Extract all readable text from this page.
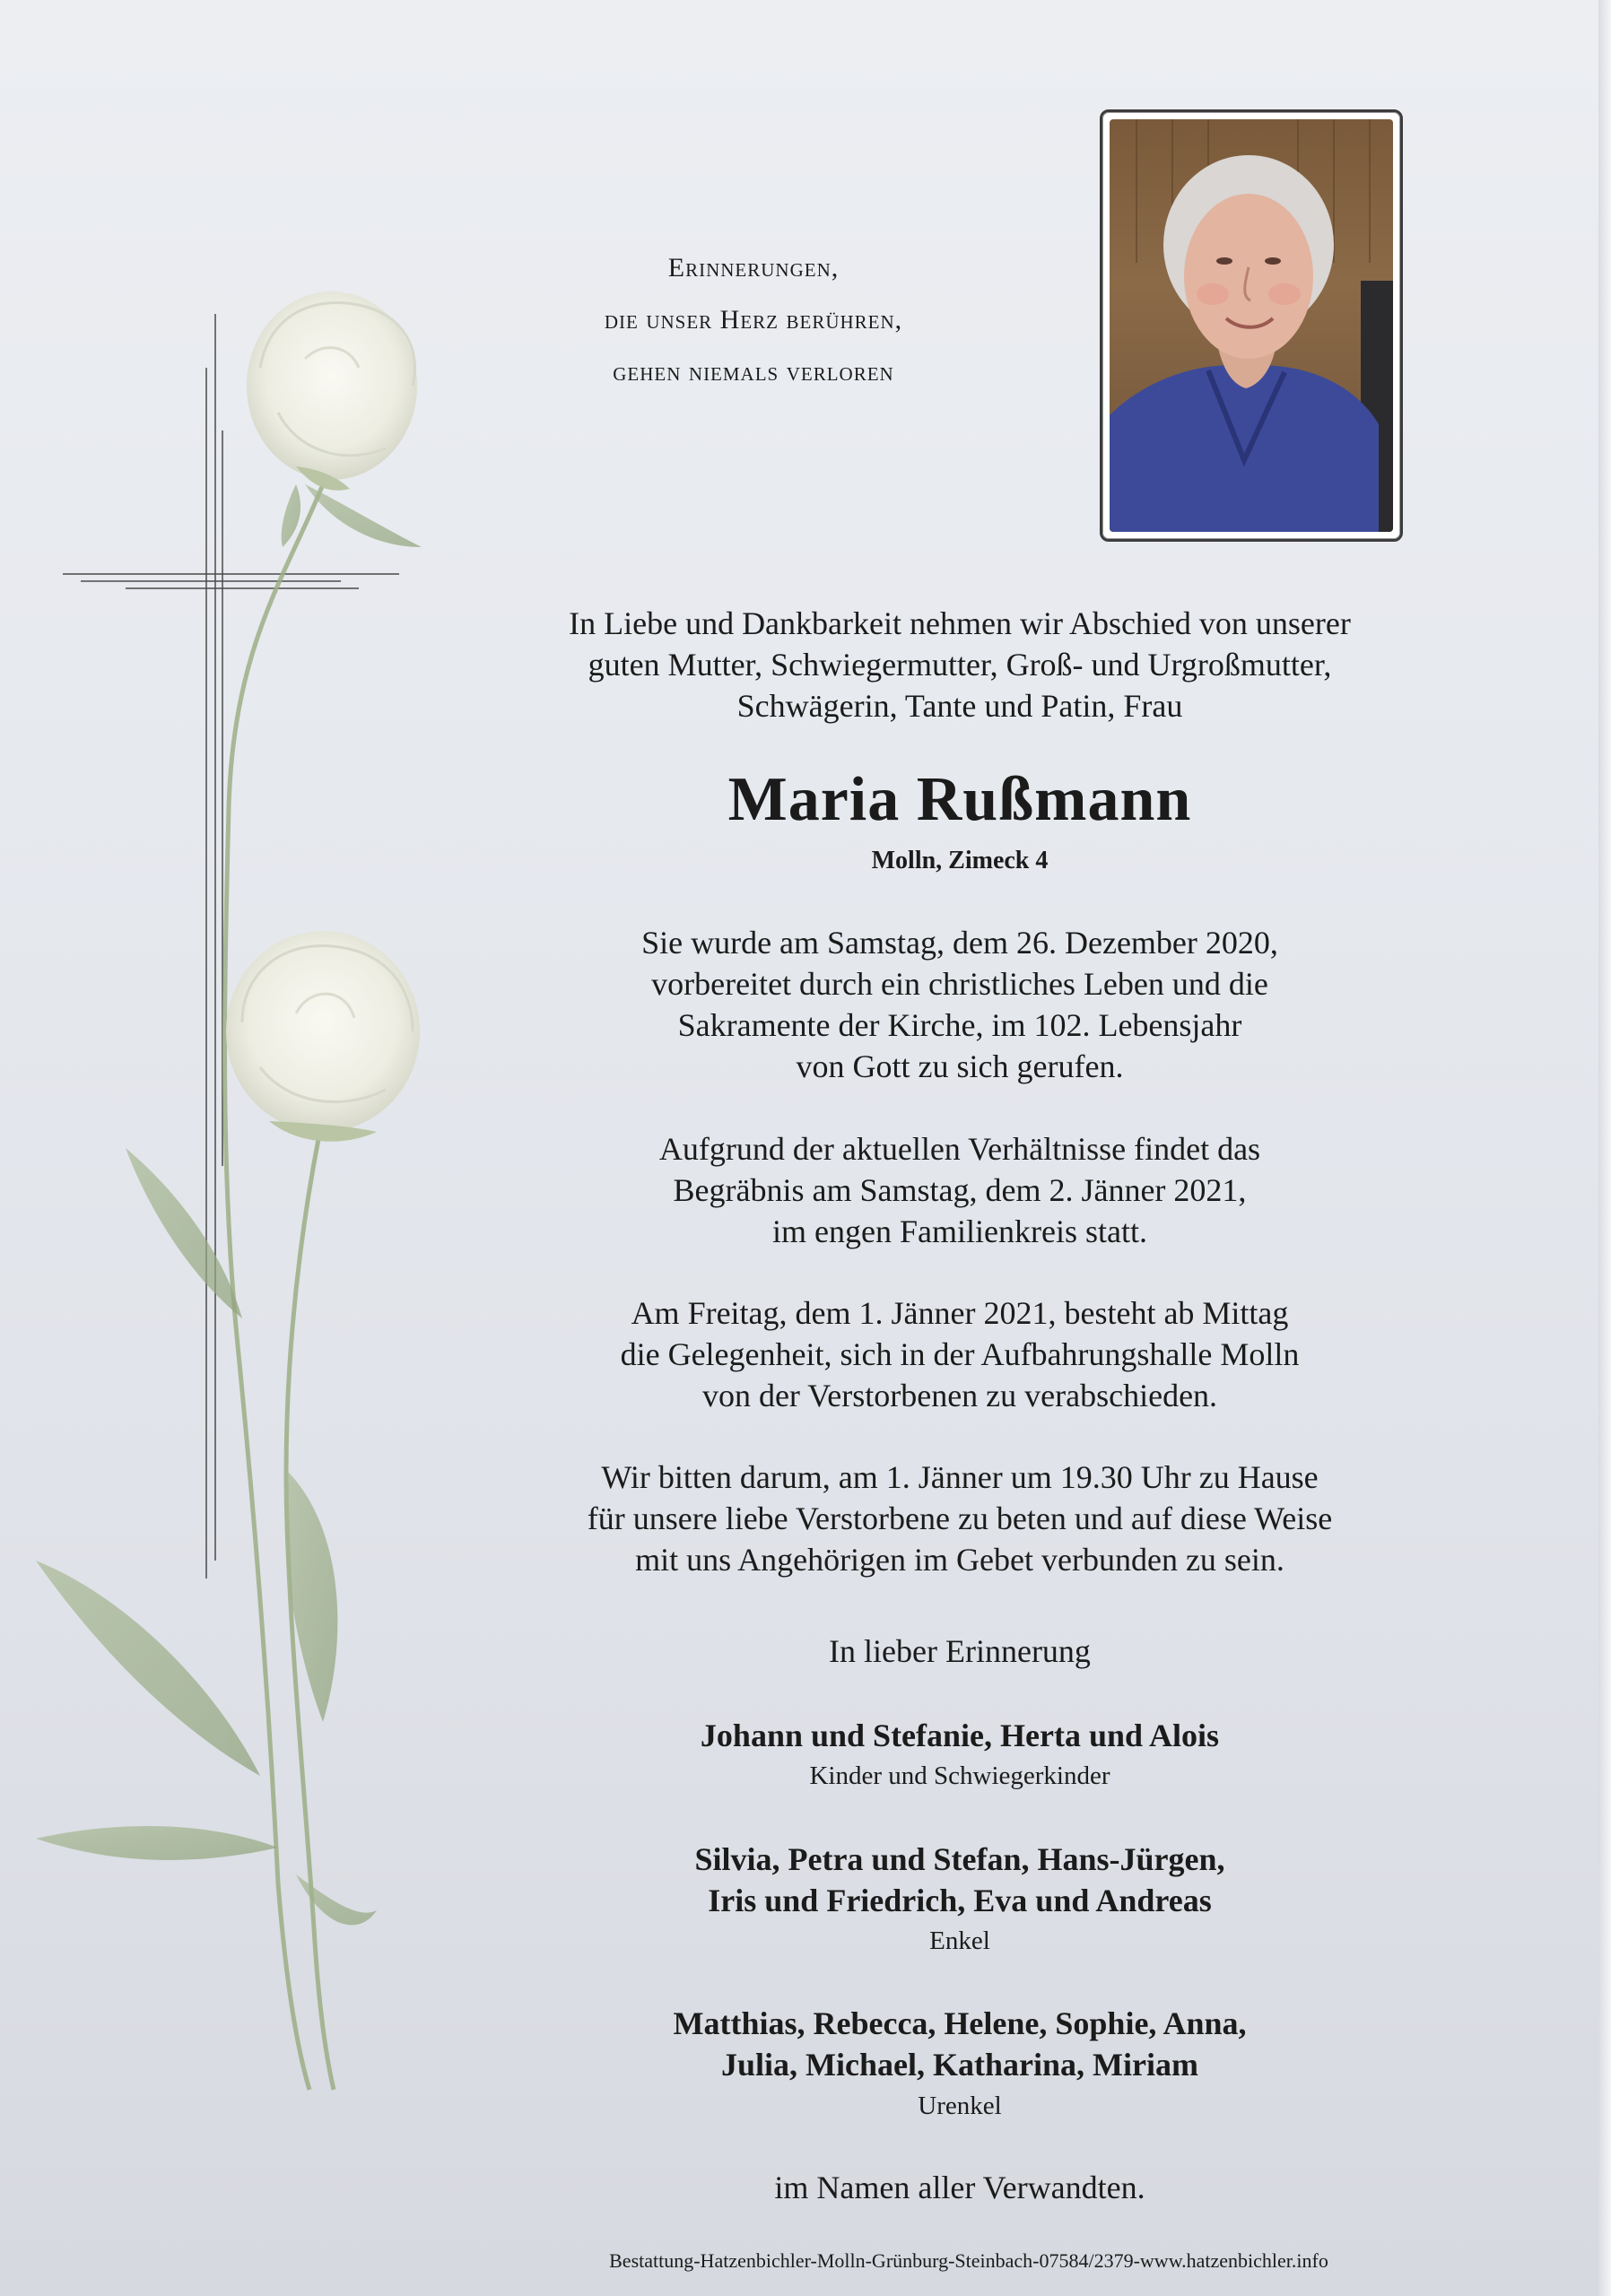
Erinnerungen,
die unser Herz berühren,
gehen niemals verloren
In Liebe und Dankbarkeit nehmen wir Abschied von unserer
guten Mutter, Schwiegermutter, Groß- und Urgroßmutter,
Schwägerin, Tante und Patin, Frau
Maria Rußmann
Molln, Zimeck 4
Sie wurde am Samstag, dem 26. Dezember 2020,
vorbereitet durch ein christliches Leben und die
Sakramente der Kirche, im 102. Lebensjahr
von Gott zu sich gerufen.
Aufgrund der aktuellen Verhältnisse findet das
Begräbnis am Samstag, dem 2. Jänner 2021,
im engen Familienkreis statt.
Am Freitag, dem 1. Jänner 2021, besteht ab Mittag
die Gelegenheit, sich in der Aufbahrungshalle Molln
von der Verstorbenen zu verabschieden.
Wir bitten darum, am 1. Jänner um 19.30 Uhr zu Hause
für unsere liebe Verstorbene zu beten und auf diese Weise
mit uns Angehörigen im Gebet verbunden zu sein.
In lieber Erinnerung
Johann und Stefanie, Herta und Alois
Kinder und Schwiegerkinder
Silvia, Petra und Stefan, Hans-Jürgen,
Iris und Friedrich, Eva und Andreas
Enkel
Matthias, Rebecca, Helene, Sophie, Anna,
Julia, Michael, Katharina, Miriam
Urenkel
im Namen aller Verwandten.
Bestattung-Hatzenbichler-Molln-Grünburg-Steinbach-07584/2379-www.hatzenbichler.info
